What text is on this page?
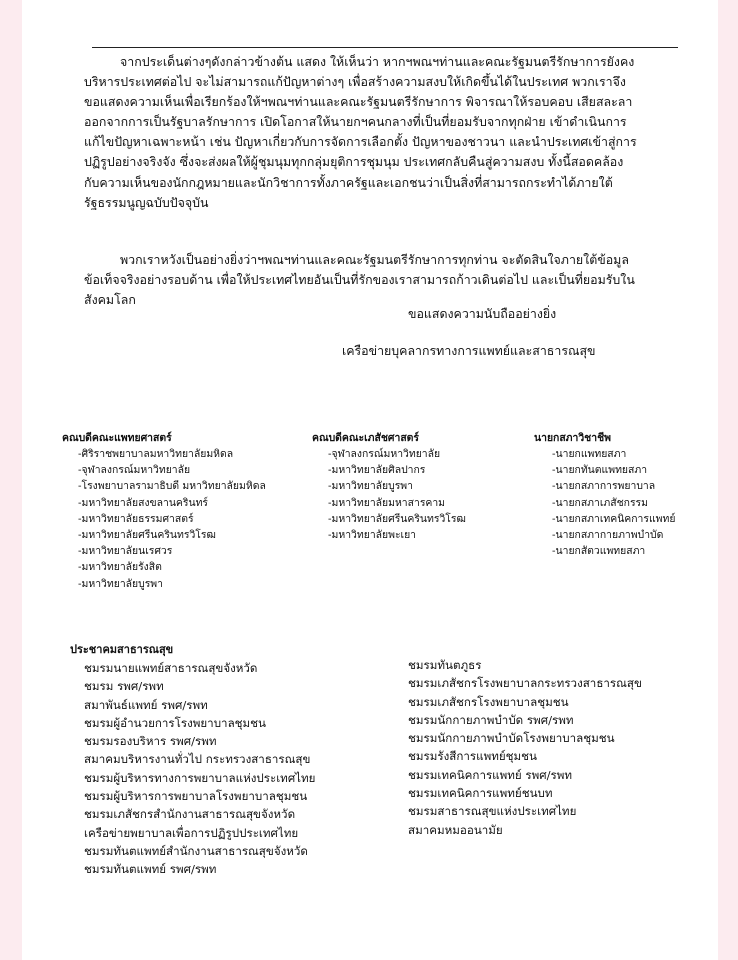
จากประเด็นต่างๆดังกล่าวข้างต้น แสดง ให้เห็นว่า หากฯพณฯท่านและคณะรัฐมนตรีรักษาการยังคง
บริหารประเทศต่อไป จะไม่สามารถแก้ปัญหาต่างๆ เพื่อสร้างความสงบให้เกิดขึ้นได้ในประเทศ พวกเราจึง
ขอแสดงความเห็นเพื่อเรียกร้องให้ฯพณฯท่านและคณะรัฐมนตรีรักษาการ พิจารณาให้รอบคอบ เสียสละลา
ออกจากการเป็นรัฐบาลรักษาการ เปิดโอกาสให้นายกฯคนกลางที่เป็นที่ยอมรับจากทุกฝ่าย เข้าดำเนินการ
แก้ไขปัญหาเฉพาะหน้า เช่น ปัญหาเกี่ยวกับการจัดการเลือกตั้ง ปัญหาของชาวนา และนำประเทศเข้าสู่การ
ปฏิรูปอย่างจริงจัง ซึ่งจะส่งผลให้ผู้ชุมนุมทุกกลุ่มยุติการชุมนุม ประเทศกลับคืนสู่ความสงบ ทั้งนี้สอดคล้อง
กับความเห็นของนักกฎหมายและนักวิชาการทั้งภาครัฐและเอกชนว่าเป็นสิ่งที่สามารถกระทำได้ภายใต้
รัฐธรรมนูญฉบับปัจจุบัน

พวกเราหวังเป็นอย่างยิ่งว่าฯพณฯท่านและคณะรัฐมนตรีรักษาการทุกท่าน จะตัดสินใจภายใต้ข้อมูล
ข้อเท็จจริงอย่างรอบด้าน เพื่อให้ประเทศไทยอันเป็นที่รักของเราสามารถก้าวเดินต่อไป และเป็นที่ยอมรับใน
สังคมโลก

ขอแสดงความนับถืออย่างยิ่ง
เครือข่ายบุคลากรทางการแพทย์และสาธารณสุข
คณบดีคณะแพทยศาสตร์
-ศิริราชพยาบาลมหาวิทยาลัยมหิดล
-จุฬาลงกรณ์มหาวิทยาลัย
-โรงพยาบาลรามาธิบดี มหาวิทยาลัยมหิดล
-มหาวิทยาลัยสงขลานครินทร์
-มหาวิทยาลัยธรรมศาสตร์
-มหาวิทยาลัยศรีนครินทรวิโรฒ
-มหาวิทยาลัยนเรศวร
-มหาวิทยาลัยรังสิต
-มหาวิทยาลัยบูรพา
คณบดีคณะเภสัชศาสตร์
-จุฬาลงกรณ์มหาวิทยาลัย
-มหาวิทยาลัยศิลปากร
-มหาวิทยาลัยบูรพา
-มหาวิทยาลัยมหาสารคาม
-มหาวิทยาลัยศรีนครินทรวิโรฒ
-มหาวิทยาลัยพะเยา
นายกสภาวิชาชีพ
-นายกแพทยสภา
-นายกทันตแพทยสภา
-นายกสภาการพยาบาล
-นายกสภาเภสัชกรรม
-นายกสภาเทคนิคการแพทย์
-นายกสภากายภาพบำบัด
-นายกสัตวแพทยสภา
ประชาคมสาธารณสุข
ชมรมนายแพทย์สาธารณสุขจังหวัด
ชมรม รพศ/รพท
สมาพันธ์แพทย์ รพศ/รพท
ชมรมผู้อำนวยการโรงพยาบาลชุมชน
ชมรมรองบริหาร รพศ/รพท
สมาคมบริหารงานทั่วไป กระทรวงสาธารณสุข
ชมรมผู้บริหารทางการพยาบาลแห่งประเทศไทย
ชมรมผู้บริหารการพยาบาลโรงพยาบาลชุมชน
ชมรมเภสัชกรสำนักงานสาธารณสุขจังหวัด
เครือข่ายพยาบาลเพื่อการปฏิรูปประเทศไทย
ชมรมทันตแพทย์สำนักงานสาธารณสุขจังหวัด
ชมรมทันตแพทย์ รพศ/รพท
ชมรมทันตภูธร
ชมรมเภสัชกรโรงพยาบาลกระทรวงสาธารณสุข
ชมรมเภสัชกรโรงพยาบาลชุมชน
ชมรมนักกายภาพบำบัด รพศ/รพท
ชมรมนักกายภาพบำบัดโรงพยาบาลชุมชน
ชมรมรังสีการแพทย์ชุมชน
ชมรมเทคนิคการแพทย์ รพศ/รพท
ชมรมเทคนิคการแพทย์ชนบท
ชมรมสาธารณสุขแห่งประเทศไทย
สมาคมหมออนามัย
